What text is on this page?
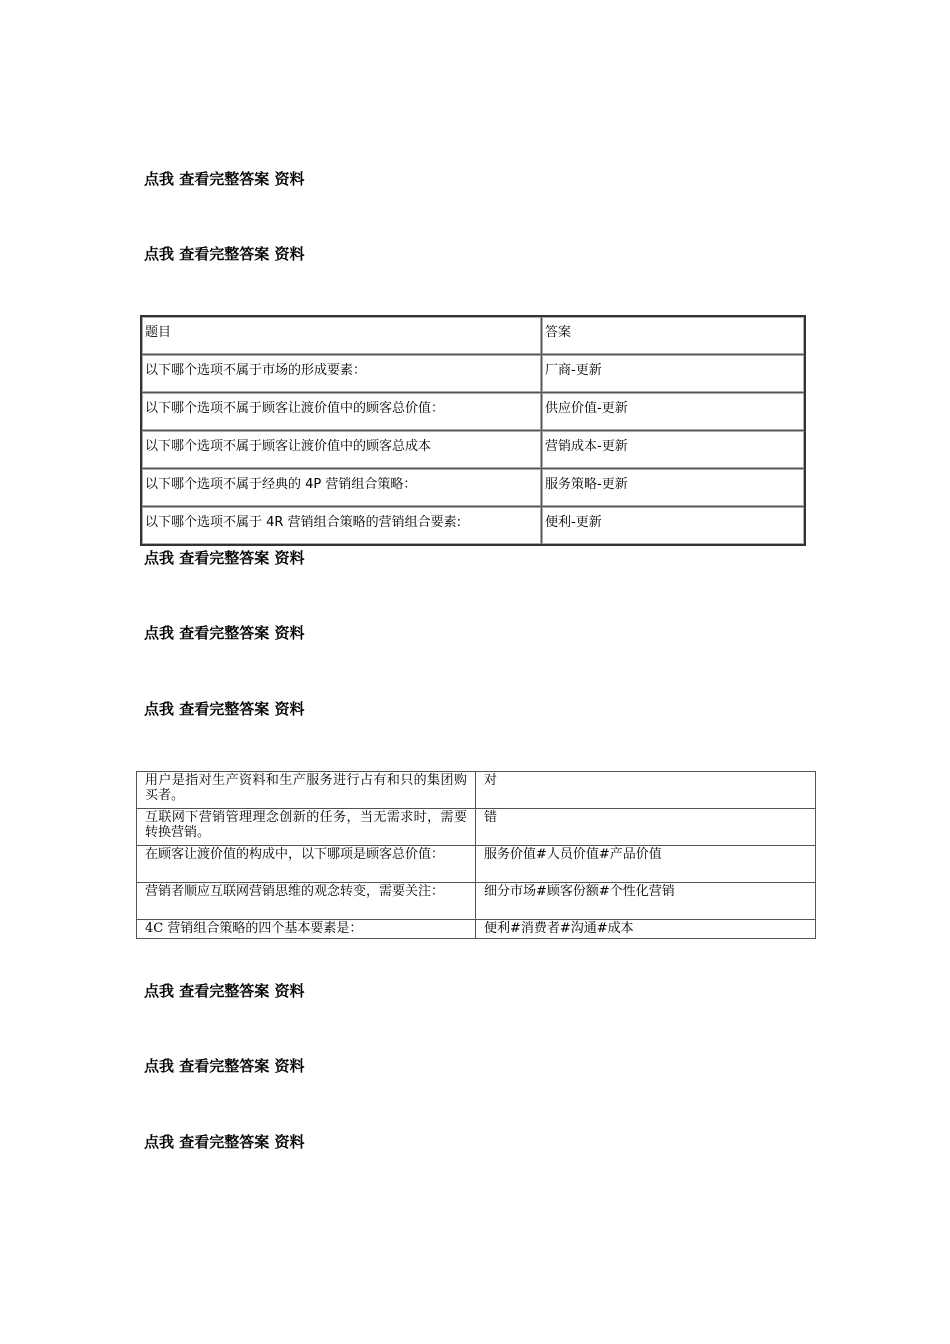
点我 查看完整答案 资料
点我 查看完整答案 资料
题目	答案
以下哪个选项不属于市场的形成要素：	厂商-更新
以下哪个选项不属于顾客让渡价值中的顾客总价值：	供应价值-更新
以下哪个选项不属于顾客让渡价值中的顾客总成本	营销成本-更新
以下哪个选项不属于经典的 4P 营销组合策略：	服务策略-更新
以下哪个选项不属于 4R 营销组合策略的营销组合要素:	便利-更新
点我 查看完整答案 资料
点我 查看完整答案 资料
点我 查看完整答案 资料
用户是指对生产资料和生产服务进行占有和只的集团购买者。	对
互联网下营销管理理念创新的任务，当无需求时，需要转换营销。	错
在顾客让渡价值的构成中，以下哪项是顾客总价值：	服务价值#人员价值#产品价值
营销者顺应互联网营销思维的观念转变，需要关注：	细分市场#顾客份额#个性化营销
4C 营销组合策略的四个基本要素是：	便利#消费者#沟通#成本
点我 查看完整答案 资料
点我 查看完整答案 资料
点我 查看完整答案 资料
